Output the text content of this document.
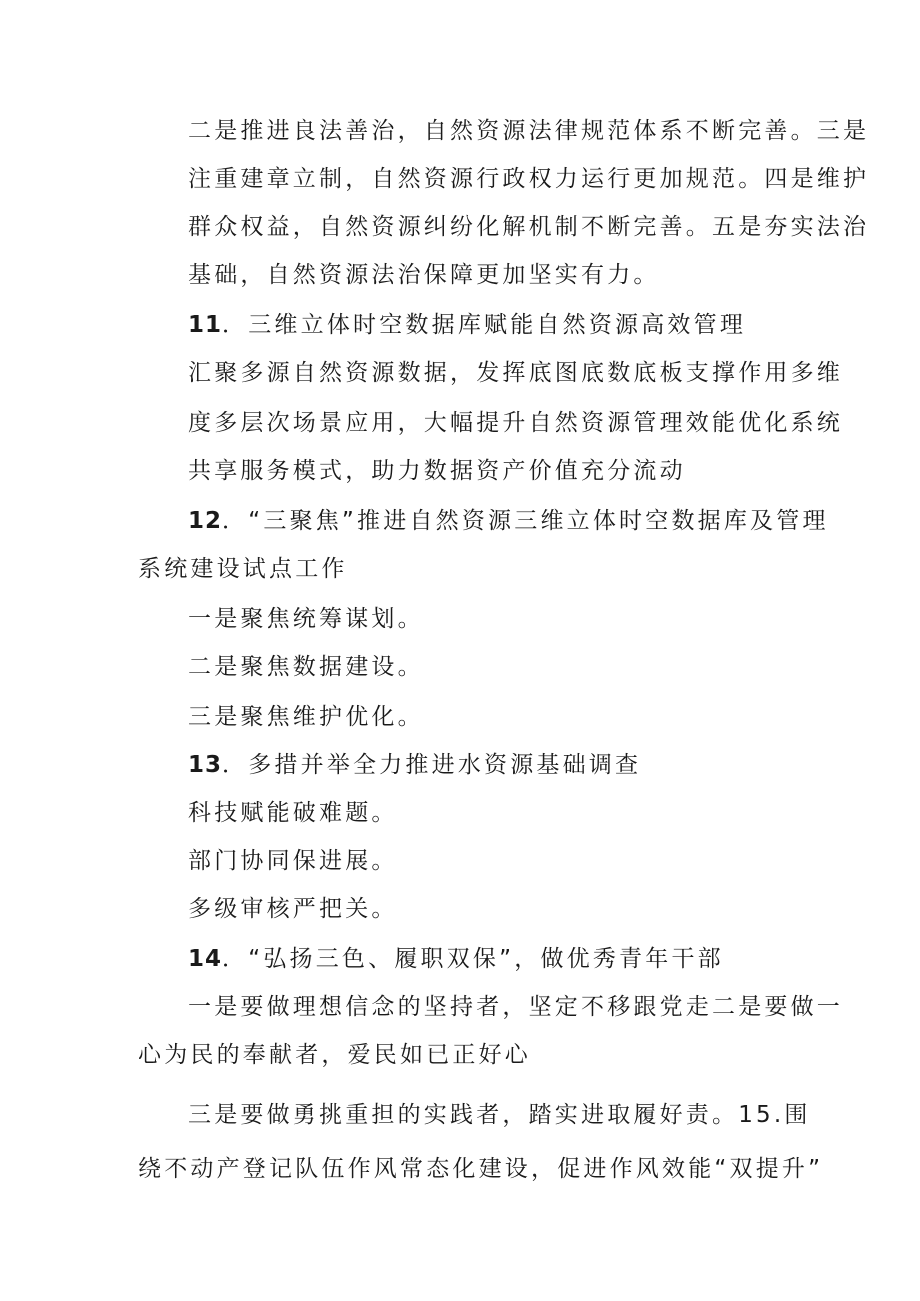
二是推进良法善治，自然资源法律规范体系不断完善。三是
注重建章立制，自然资源行政权力运行更加规范。四是维护
群众权益，自然资源纠纷化解机制不断完善。五是夯实法治
基础，自然资源法治保障更加坚实有力。
11．三维立体时空数据库赋能自然资源高效管理
汇聚多源自然资源数据，发挥底图底数底板支撑作用多维
度多层次场景应用，大幅提升自然资源管理效能优化系统
共享服务模式，助力数据资产价值充分流动
12．“三聚焦”推进自然资源三维立体时空数据库及管理
系统建设试点工作
一是聚焦统筹谋划。
二是聚焦数据建设。
三是聚焦维护优化。
13．多措并举全力推进水资源基础调查
科技赋能破难题。
部门协同保进展。
多级审核严把关。
14．“弘扬三色、履职双保”，做优秀青年干部
一是要做理想信念的坚持者，坚定不移跟党走二是要做一
心为民的奉献者，爱民如已正好心
三是要做勇挑重担的实践者，踏实进取履好责。15.围
绕不动产登记队伍作风常态化建设，促进作风效能“双提升”
